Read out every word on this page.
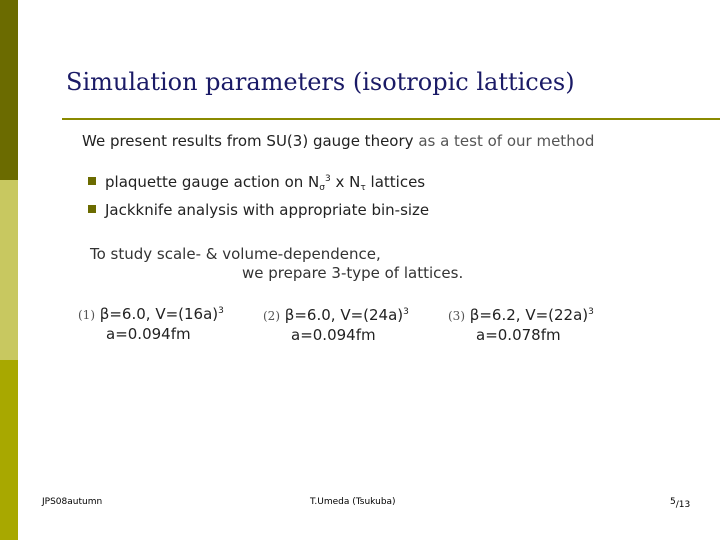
Simulation parameters (isotropic lattices)
We present results from SU(3) gauge theory as a test of our method
plaquette gauge action on $N_\sigma^3$ x $N_\tau$ lattices
Jackknife analysis with appropriate bin-size
To study scale- & volume-dependence,
we prepare 3-type of lattices.
(1) β=6.0, $V=(16a)^3$
a=0.094fm
(2) β=6.0, $V=(24a)^3$
a=0.094fm
(3) β=6.2, $V=(22a)^3$
a=0.078fm
JPS08autumn	T.Umeda (Tsukuba)	5/13
